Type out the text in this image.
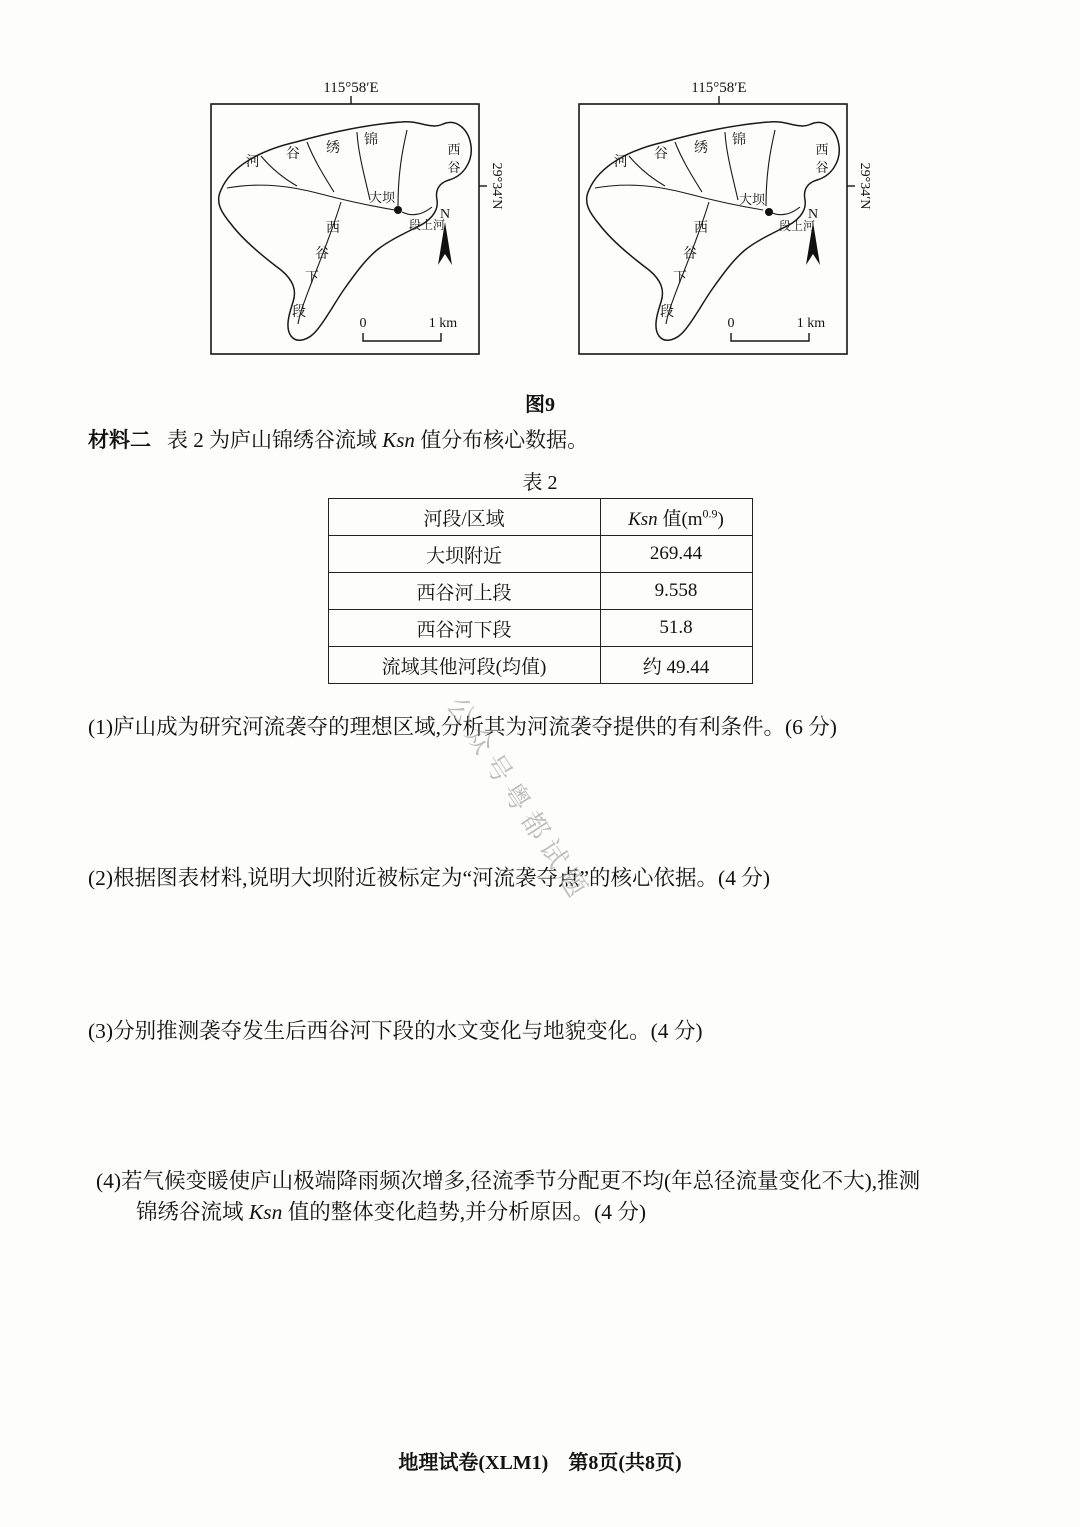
115°58′E
29°34′N
大坝
段上河
河
谷 绣
锦
西
谷
西
谷
下
段
N
0	1 km
115°58′E
29°34′N
大坝
段上河
河
谷 绣
锦
西
谷
西
谷
下
段
N
0	1 km
图9

材料二 表 2 为庐山锦绣谷流域 Ksn 值分布核心数据。

表 2
河段/区域	Ksn 值$(m^{0.9})$
大坝附近	269.44
西谷河上段	9.558
西谷河下段	51.8
流域其他河段(均值)	约 49.44

(1)庐山成为研究河流袭夺的理想区域,分析其为河流袭夺提供的有利条件。(6 分)

(2)根据图表材料,说明大坝附近被标定为“河流袭夺点”的核心依据。(4 分)

(3)分别推测袭夺发生后西谷河下段的水文变化与地貌变化。(4 分)

(4)若气候变暖使庐山极端降雨频次增多,径流季节分配更不均(年总径流量变化不大),推测
锦绣谷流域 Ksn 值的整体变化趋势,并分析原因。(4 分)

公众号粤都试题
地理试卷(XLM1)　第8页(共8页)
